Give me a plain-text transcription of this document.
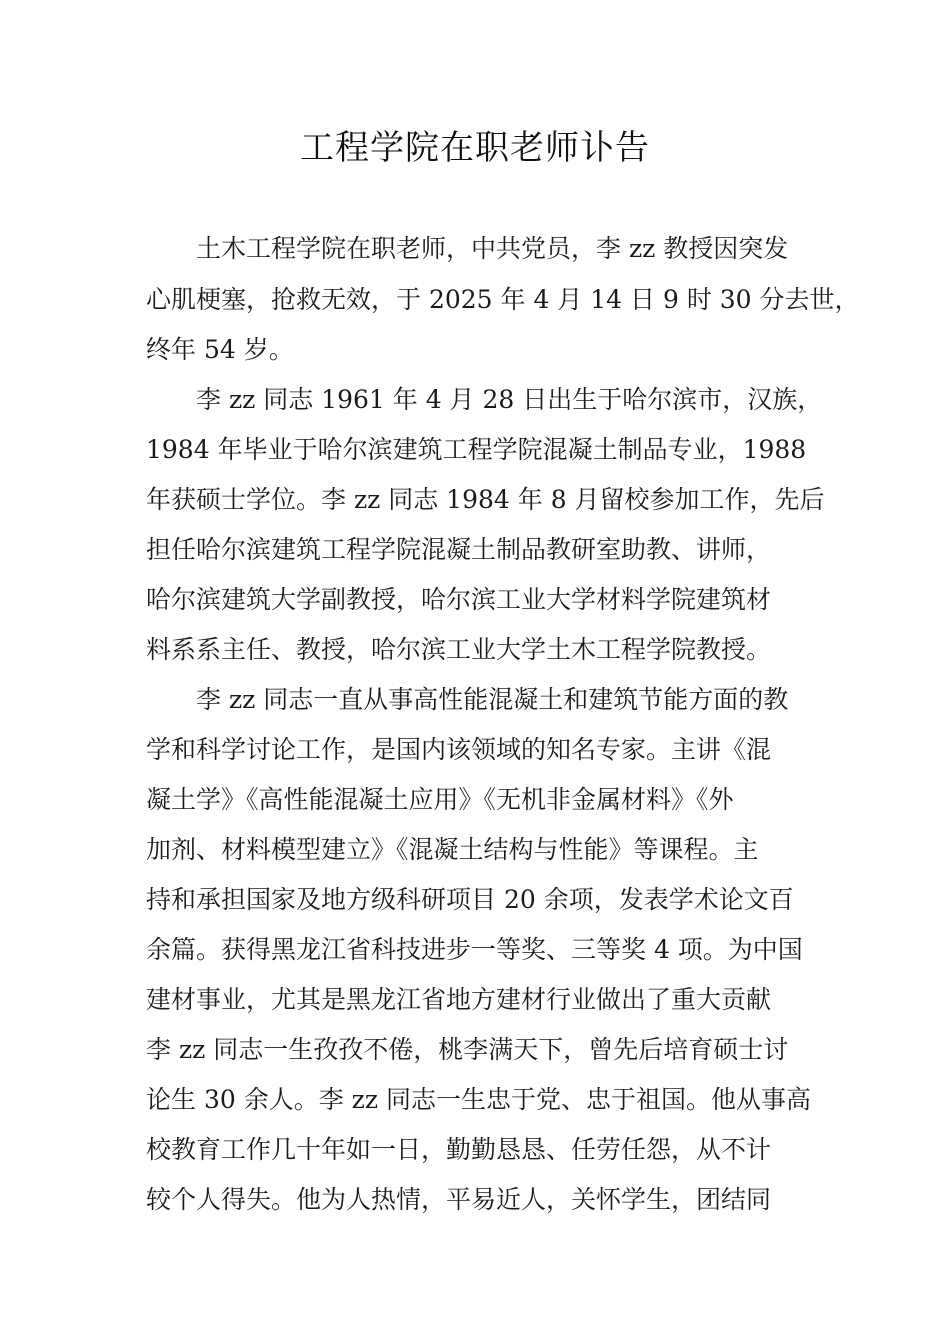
工程学院在职老师讣告
土木工程学院在职老师，中共党员，李 zz 教授因突发
心肌梗塞，抢救无效，于 2025 年 4 月 14 日 9 时 30 分去世，
终年 54 岁。
李 zz 同志 1961 年 4 月 28 日出生于哈尔滨市，汉族，
1984 年毕业于哈尔滨建筑工程学院混凝土制品专业，1988
年获硕士学位。李 zz 同志 1984 年 8 月留校参加工作，先后
担任哈尔滨建筑工程学院混凝土制品教研室助教、讲师，
哈尔滨建筑大学副教授，哈尔滨工业大学材料学院建筑材
料系系主任、教授，哈尔滨工业大学土木工程学院教授。
李 zz 同志一直从事高性能混凝土和建筑节能方面的教
学和科学讨论工作，是国内该领域的知名专家。主讲《混
凝土学》《高性能混凝土应用》《无机非金属材料》《外
加剂、材料模型建立》《混凝土结构与性能》等课程。主
持和承担国家及地方级科研项目 20 余项，发表学术论文百
余篇。获得黑龙江省科技进步一等奖、三等奖 4 项。为中国
建材事业，尤其是黑龙江省地方建材行业做出了重大贡献
李 zz 同志一生孜孜不倦，桃李满天下，曾先后培育硕士讨
论生 30 余人。李 zz 同志一生忠于党、忠于祖国。他从事高
校教育工作几十年如一日，勤勤恳恳、任劳任怨，从不计
较个人得失。他为人热情，平易近人，关怀学生，团结同
